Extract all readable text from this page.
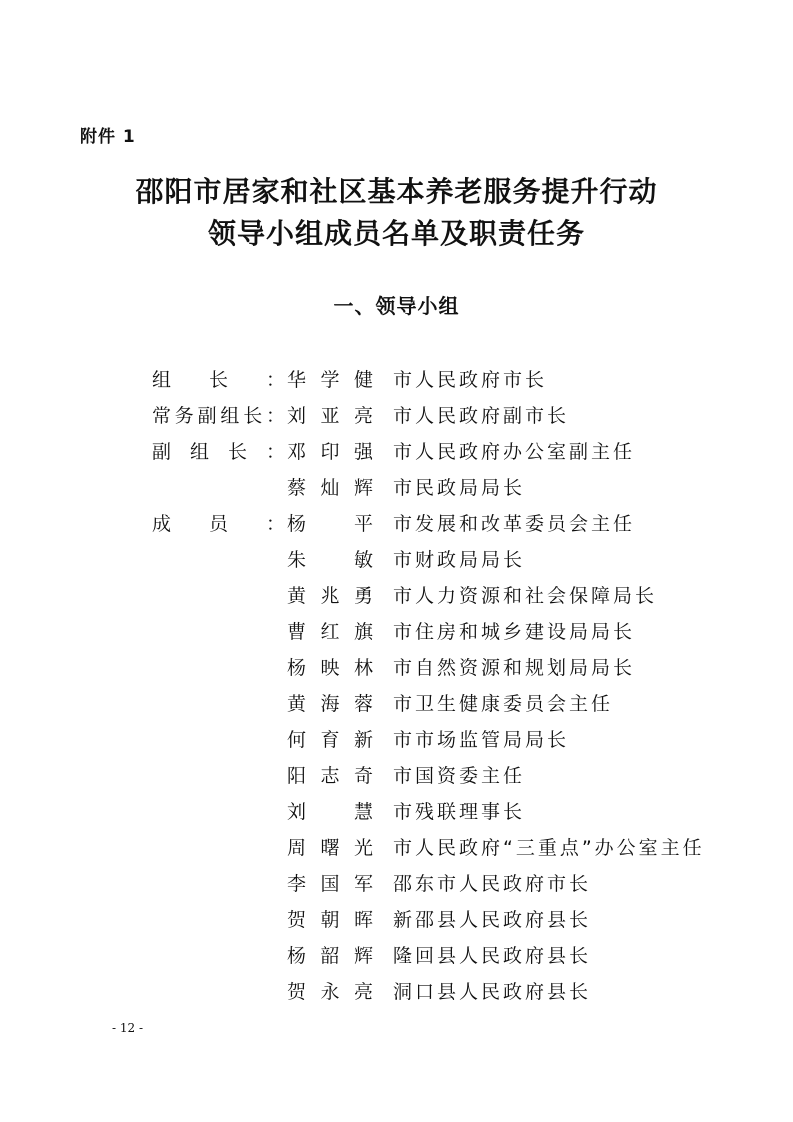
附件 1
邵阳市居家和社区基本养老服务提升行动
领导小组成员名单及职责任务
一、领导小组
组 长 ： 华 学 健 市人民政府市长
常 务 副 组 长 ： 刘 亚 亮 市人民政府副市长
副 组 长 ： 邓 印 强 市人民政府办公室副主任
蔡 灿 辉 市民政局局长
成 员 ： 杨	平 市发展和改革委员会主任
朱	敏 市财政局局长
黄 兆 勇 市人力资源和社会保障局长
曹 红 旗 市住房和城乡建设局局长
杨 映 林 市自然资源和规划局局长
黄 海 蓉 市卫生健康委员会主任
何 育 新 市市场监管局局长
阳 志 奇 市国资委主任
刘	慧 市残联理事长
周 曙 光 市人民政府“三重点”办公室主任
李 国 军 邵东市人民政府市长
贺 朝 晖 新邵县人民政府县长
杨 韶 辉 隆回县人民政府县长
贺 永 亮 洞口县人民政府县长
- 12 -
